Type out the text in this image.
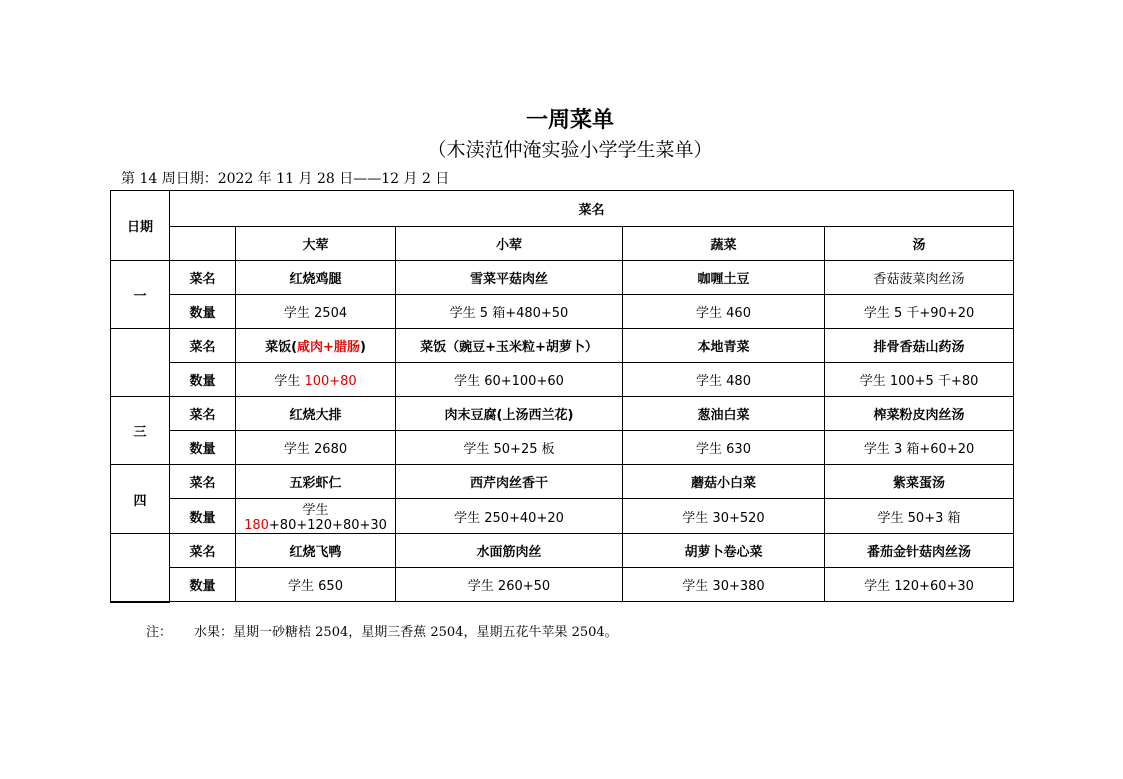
一周菜单
（木渎范仲淹实验小学学生菜单）
第 14 周日期：2022 年 11 月 28 日——12 月 2 日
日期	菜名				
		大荤	小荤	蔬菜	汤
一	菜名	红烧鸡腿	雪菜平菇肉丝	咖喱土豆	香菇菠菜肉丝汤
	数量	学生 2504	学生 5 箱+480+50	学生 460	学生 5 千+90+20
	菜名	菜饭(咸肉+腊肠)	菜饭（豌豆+玉米粒+胡萝卜）	本地青菜	排骨香菇山药汤
	数量	学生 100+80	学生 60+100+60	学生 480	学生 100+5 千+80
三	菜名	红烧大排	肉末豆腐(上汤西兰花)	葱油白菜	榨菜粉皮肉丝汤
	数量	学生 2680	学生 50+25 板	学生 630	学生 3 箱+60+20
四	菜名	五彩虾仁	西芹肉丝香干	蘑菇小白菜	紫菜蛋汤
	数量	学生 180+80+120+80+30	学生 250+40+20	学生 30+520	学生 50+3 箱
	菜名	红烧飞鸭	水面筋肉丝	胡萝卜卷心菜	番茄金针菇肉丝汤
	数量	学生 650	学生 260+50	学生 30+380	学生 120+60+30
注： 水果：星期一砂糖桔 2504，星期三香蕉 2504，星期五花牛苹果 2504。
